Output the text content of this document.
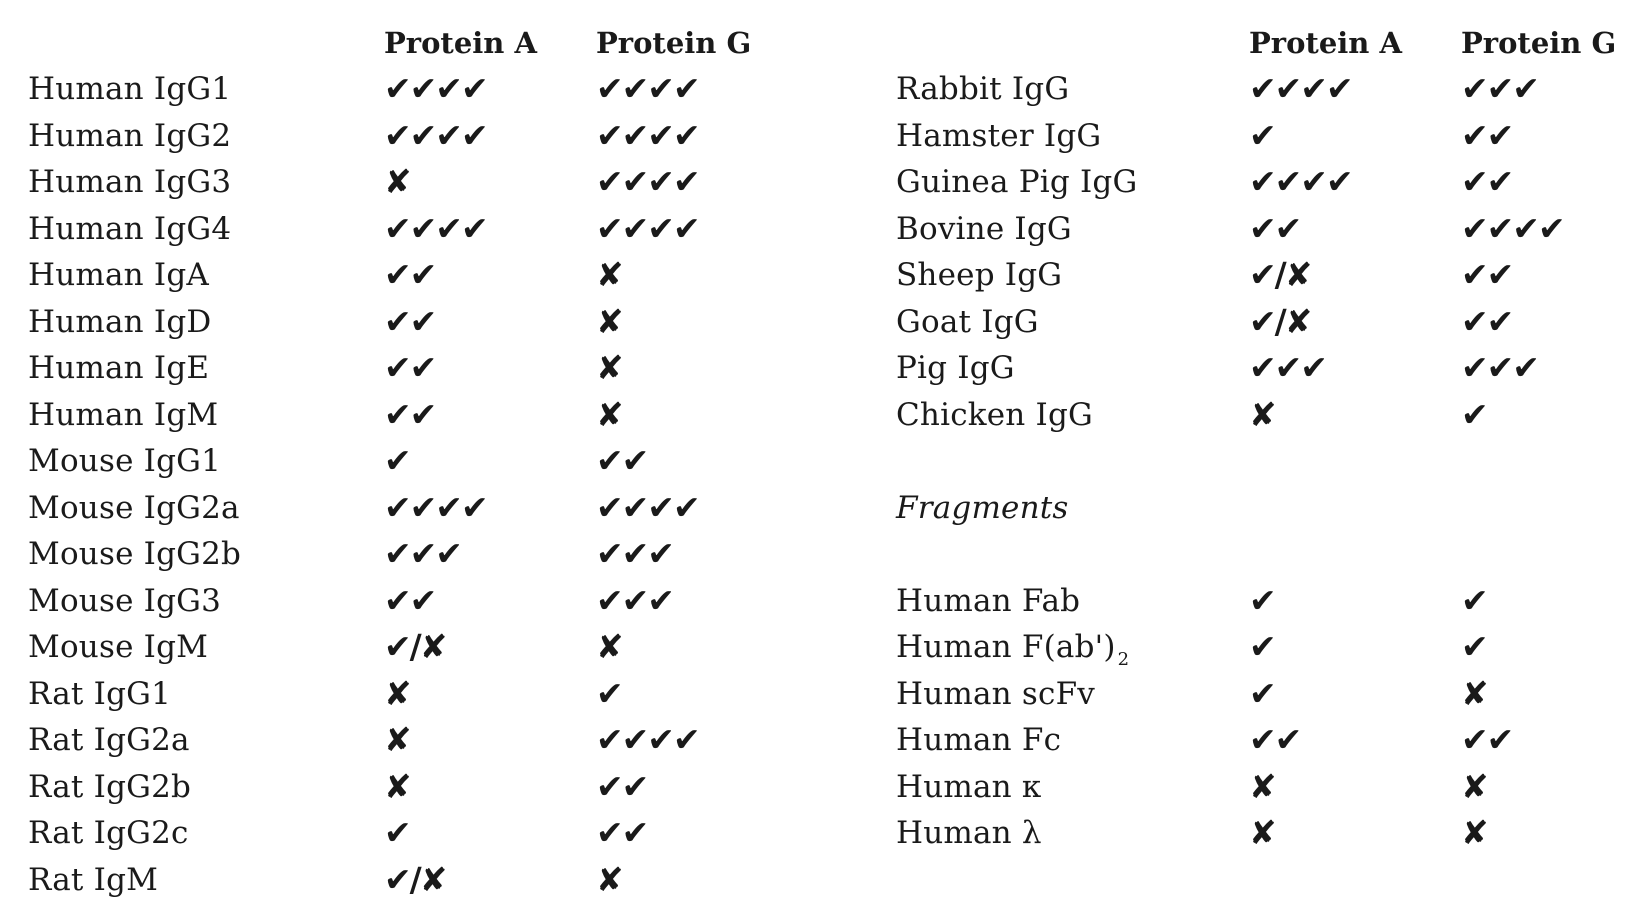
Protein A Protein G
Human IgG1	✔✔✔✔	✔✔✔✔
Human IgG2	✔✔✔✔	✔✔✔✔
Human IgG3	✘	✔✔✔✔
Human IgG4	✔✔✔✔	✔✔✔✔
Human IgA	✔✔	✘
Human IgD	✔✔	✘
Human IgE	✔✔	✘
Human IgM	✔✔	✘
Mouse IgG1	✔	✔✔
Mouse IgG2a	✔✔✔✔	✔✔✔✔
Mouse IgG2b	✔✔✔	✔✔✔
Mouse IgG3	✔✔	✔✔✔
Mouse IgM	✔/✘	✘
Rat IgG1	✘	✔
Rat IgG2a	✘	✔✔✔✔
Rat IgG2b	✘	✔✔
Rat IgG2c	✔	✔✔
Rat IgM	✔/✘	✘
Protein A Protein G
Rabbit IgG	✔✔✔✔	✔✔✔
Hamster IgG	✔	✔✔
Guinea Pig IgG	✔✔✔✔	✔✔
Bovine IgG	✔✔	✔✔✔✔
Sheep IgG	✔/✘	✔✔
Goat IgG	✔/✘	✔✔
Pig IgG	✔✔✔	✔✔✔
Chicken IgG	✘	✔
Fragments
Human Fab	✔	✔
Human F(ab') $_2$	✔	✔
Human scFv	✔	✘
Human Fc	✔✔	✔✔
Human κ	✘	✘
Human λ	✘	✘
